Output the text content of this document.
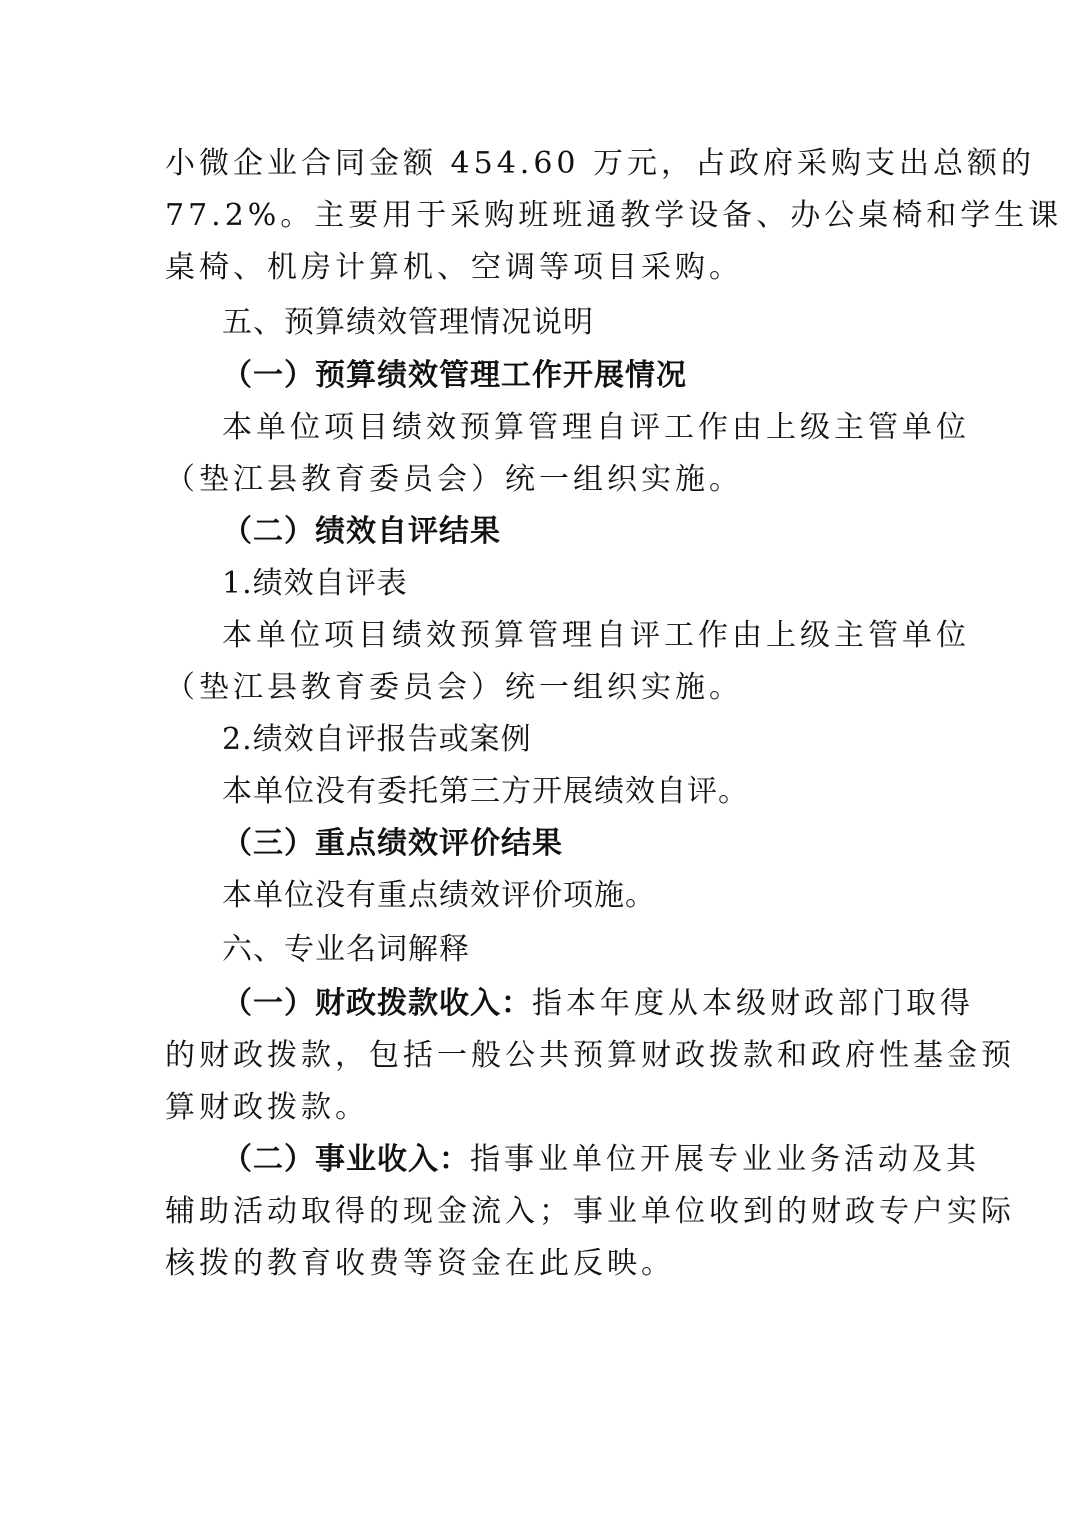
小微企业合同金额 454.60 万元，占政府采购支出总额的
77.2%。主要用于采购班班通教学设备、办公桌椅和学生课
桌椅、机房计算机、空调等项目采购。
五、预算绩效管理情况说明
（一）预算绩效管理工作开展情况
本单位项目绩效预算管理自评工作由上级主管单位
（垫江县教育委员会）统一组织实施。
（二）绩效自评结果
1.绩效自评表
本单位项目绩效预算管理自评工作由上级主管单位
（垫江县教育委员会）统一组织实施。
2.绩效自评报告或案例
本单位没有委托第三方开展绩效自评。
（三）重点绩效评价结果
本单位没有重点绩效评价项施。
六、专业名词解释
（一）财政拨款收入：指本年度从本级财政部门取得
的财政拨款，包括一般公共预算财政拨款和政府性基金预
算财政拨款。
（二）事业收入：指事业单位开展专业业务活动及其
辅助活动取得的现金流入；事业单位收到的财政专户实际
核拨的教育收费等资金在此反映。
